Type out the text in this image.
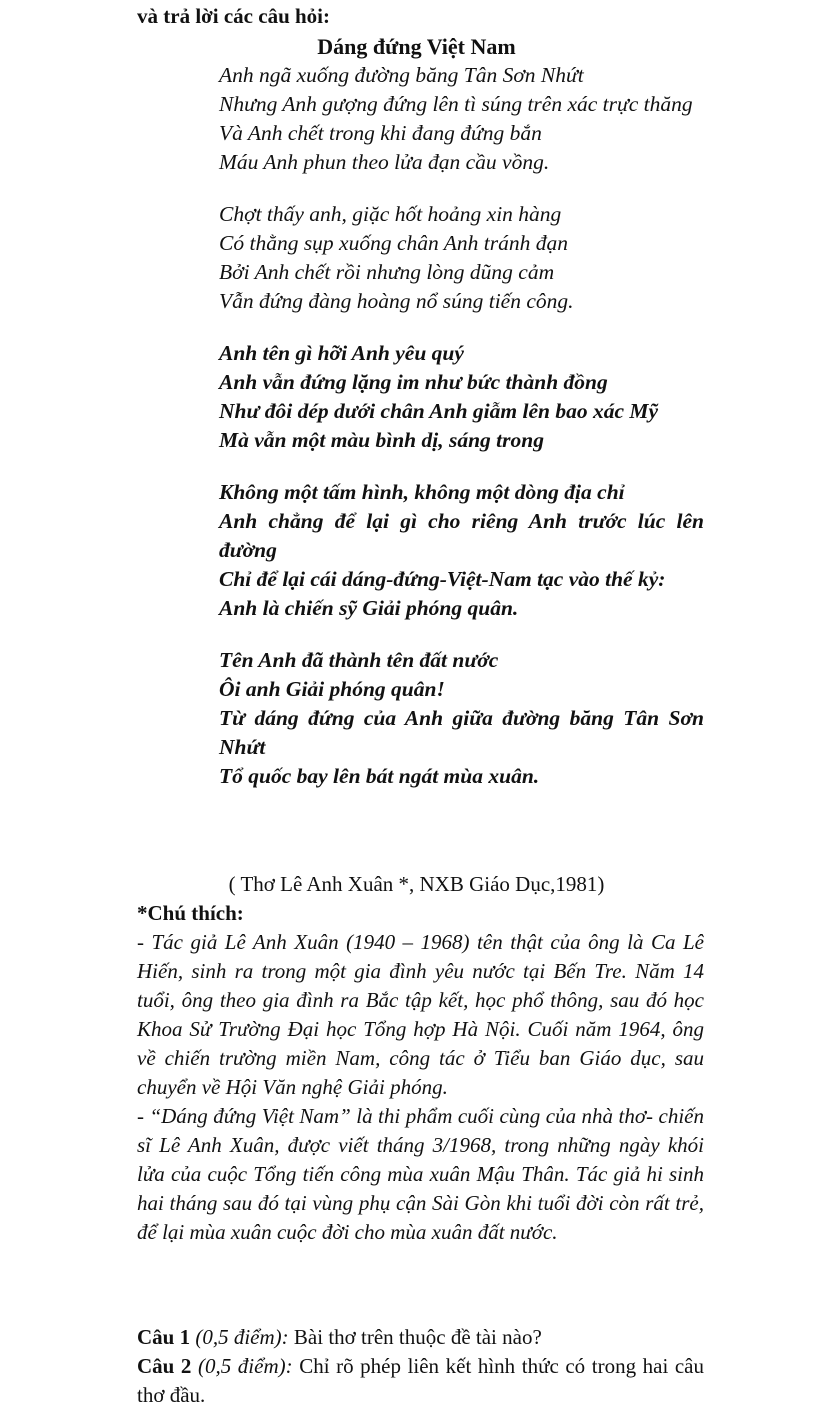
và trả lời các câu hỏi:
Dáng đứng Việt Nam
Anh ngã xuống đường băng Tân Sơn Nhứt
Nhưng Anh gượng đứng lên tì súng trên xác trực thăng
Và Anh chết trong khi đang đứng bắn
Máu Anh phun theo lửa đạn cầu vồng.
Chợt thấy anh, giặc hốt hoảng xin hàng
Có thằng sụp xuống chân Anh tránh đạn
Bởi Anh chết rồi nhưng lòng dũng cảm
Vẫn đứng đàng hoàng nổ súng tiến công.
Anh tên gì hỡi Anh yêu quý
Anh vẫn đứng lặng im như bức thành đồng
Như đôi dép dưới chân Anh giẫm lên bao xác Mỹ
Mà vẫn một màu bình dị, sáng trong
Không một tấm hình, không một dòng địa chỉ
Anh chẳng để lại gì cho riêng Anh trước lúc lên đường
Chỉ để lại cái dáng-đứng-Việt-Nam tạc vào thế kỷ:
Anh là chiến sỹ Giải phóng quân.
Tên Anh đã thành tên đất nước
Ôi anh Giải phóng quân!
Từ dáng đứng của Anh giữa đường băng Tân Sơn Nhứt
Tổ quốc bay lên bát ngát mùa xuân.
( Thơ Lê Anh Xuân *, NXB Giáo Dục,1981)
*Chú thích:

- Tác giả Lê Anh Xuân (1940 – 1968) tên thật của ông là Ca Lê Hiến, sinh ra trong một gia đình yêu nước tại Bến Tre. Năm 14 tuổi, ông theo gia đình ra Bắc tập kết, học phổ thông, sau đó học Khoa Sử Trường Đại học Tổng hợp Hà Nội. Cuối năm 1964, ông về chiến trường miền Nam, công tác ở Tiểu ban Giáo dục, sau chuyển về Hội Văn nghệ Giải phóng.

- “Dáng đứng Việt Nam” là thi phẩm cuối cùng của nhà thơ- chiến sĩ Lê Anh Xuân, được viết tháng 3/1968, trong những ngày khói lửa của cuộc Tổng tiến công mùa xuân Mậu Thân. Tác giả hi sinh hai tháng sau đó tại vùng phụ cận Sài Gòn khi tuổi đời còn rất trẻ, để lại mùa xuân cuộc đời cho mùa xuân đất nước.

Câu 1 (0,5 điểm): Bài thơ trên thuộc đề tài nào?

Câu 2 (0,5 điểm): Chỉ rõ phép liên kết hình thức có trong hai câu thơ đầu.
